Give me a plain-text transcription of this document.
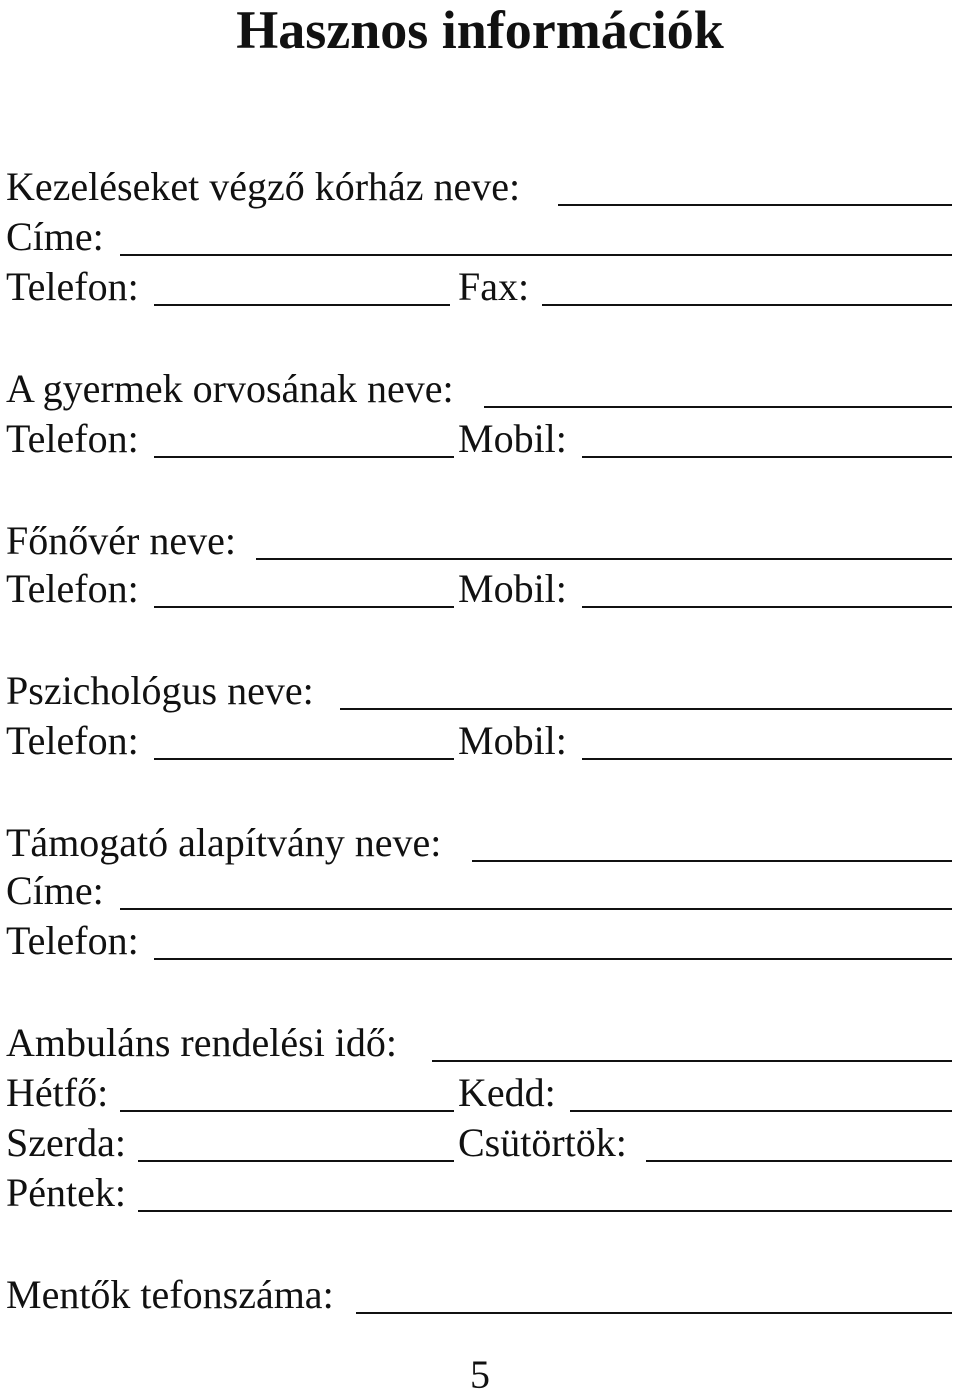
Hasznos információk
Kezeléseket végző kórház neve:
Címe:
Telefon:	Fax:
A gyermek orvosának neve:
Telefon:	Mobil:
Főnővér neve:
Telefon:	Mobil:
Pszichológus neve:
Telefon:	Mobil:
Támogató alapítvány neve:
Címe:
Telefon:
Ambuláns rendelési idő:
Hétfő:	Kedd:
Szerda:	Csütörtök:
Péntek:
Mentők tefonszáma:
5
